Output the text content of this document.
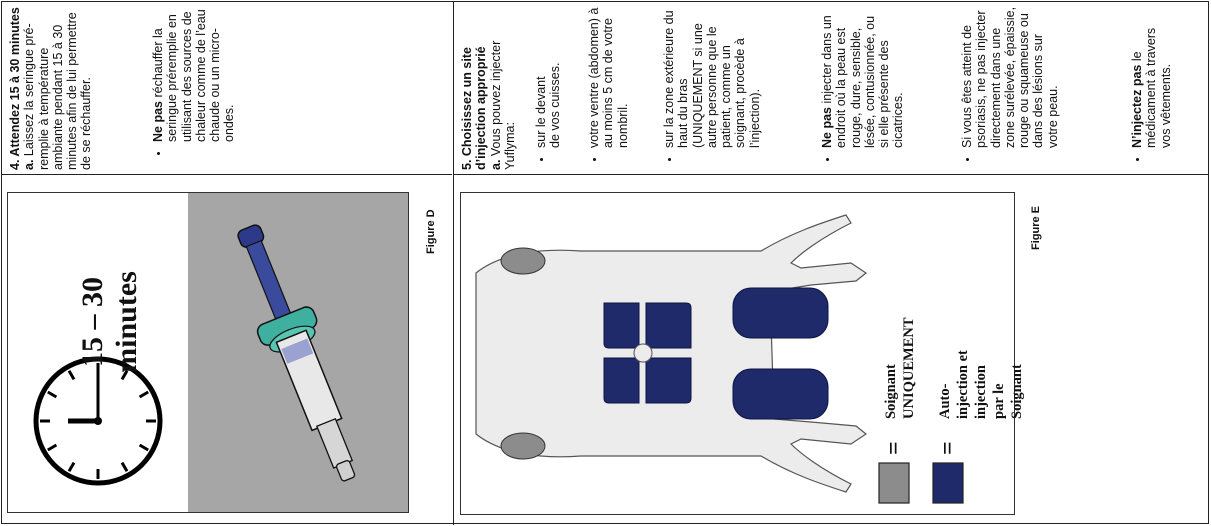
4. Attendez 15 à 30 minutes a. Laissez la seringue pré-remplie à température ambiante pendant 15 à 30 minutes afin de lui permettre de se réchauffer.	• Ne pas réchauffer la seringue préremplie en utilisant des sources de chaleur comme de l’eau chaude ou un micro-ondes.
15 – 30 minutes
Figure D

5. Choisissez un site d’injection approprié a. Vous pouvez injecter Yuflyma: • sur le devant de vos cuisses. • votre ventre (abdomen) à au moins 5 cm de votre nombril.	• sur la zone extérieure du haut du bras (UNIQUEMENT si une autre personne que le patient, comme un soignant, procède à l’injection).	• Ne pas injecter dans un endroit où la peau est rouge, dure, sensible, lésée, contusionnée, ou si elle présente des cicatrices.	• Si vous êtes atteint de psoriasis, ne pas injecter directement dans une zone surélevée, épaissie, rouge ou squameuse ou dans des lésions sur votre peau.	• N’injectez pas le médicament à travers vos vêtements.
= =
Soignant UNIQUEMENT Auto-injection et injection par le Soignant
Figure E
